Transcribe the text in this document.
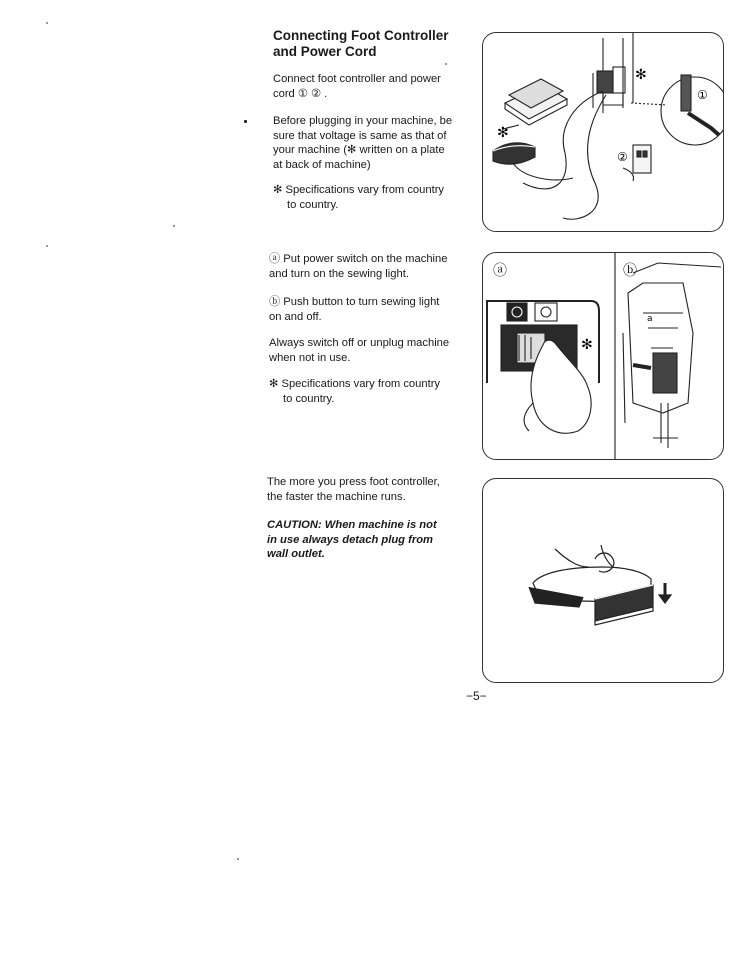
Connecting Foot Controller
and Power Cord
Connect foot controller and power
cord ① ② .
Before plugging in your machine, be
sure that voltage is same as that of
your machine (✻ written on a plate
at back of machine)
✻ Specifications vary from country
to country.
✻
✻
①
②
ⓐ Put power switch on the machine
and turn on the sewing light.
ⓑ Push button to turn sewing light
on and off.
Always switch off or unplug machine
when not in use.
✻ Specifications vary from country
to country.
ⓐ	ⓑ
a
✻
The more you press foot controller,
the faster the machine runs.
CAUTION: When machine is not
in use always detach plug from
wall outlet.
−5−
